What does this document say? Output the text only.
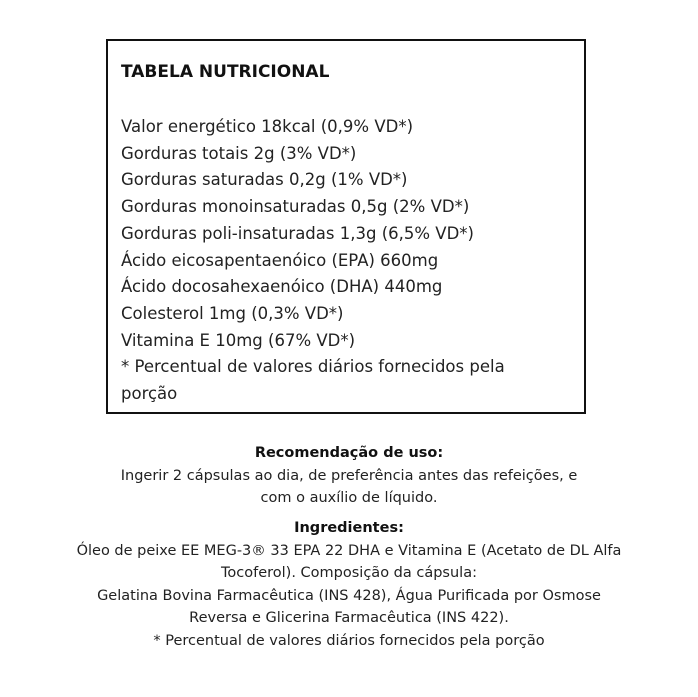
TABELA NUTRICIONAL
Valor energético 18kcal (0,9% VD*)
Gorduras totais 2g (3% VD*)
Gorduras saturadas 0,2g (1% VD*)
Gorduras monoinsaturadas 0,5g (2% VD*)
Gorduras poli-insaturadas 1,3g (6,5% VD*)
Ácido eicosapentaenóico (EPA) 660mg
Ácido docosahexaenóico (DHA) 440mg
Colesterol 1mg (0,3% VD*)
Vitamina E 10mg (67% VD*)
* Percentual de valores diários fornecidos pela porção
Recomendação de uso:
Ingerir 2 cápsulas ao dia, de preferência antes das refeições, e
com o auxílio de líquido.
Ingredientes:
Óleo de peixe EE MEG-3® 33 EPA 22 DHA e Vitamina E (Acetato de DL Alfa
Tocoferol). Composição da cápsula:
Gelatina Bovina Farmacêutica (INS 428), Água Purificada por Osmose
Reversa e Glicerina Farmacêutica (INS 422).
* Percentual de valores diários fornecidos pela porção
